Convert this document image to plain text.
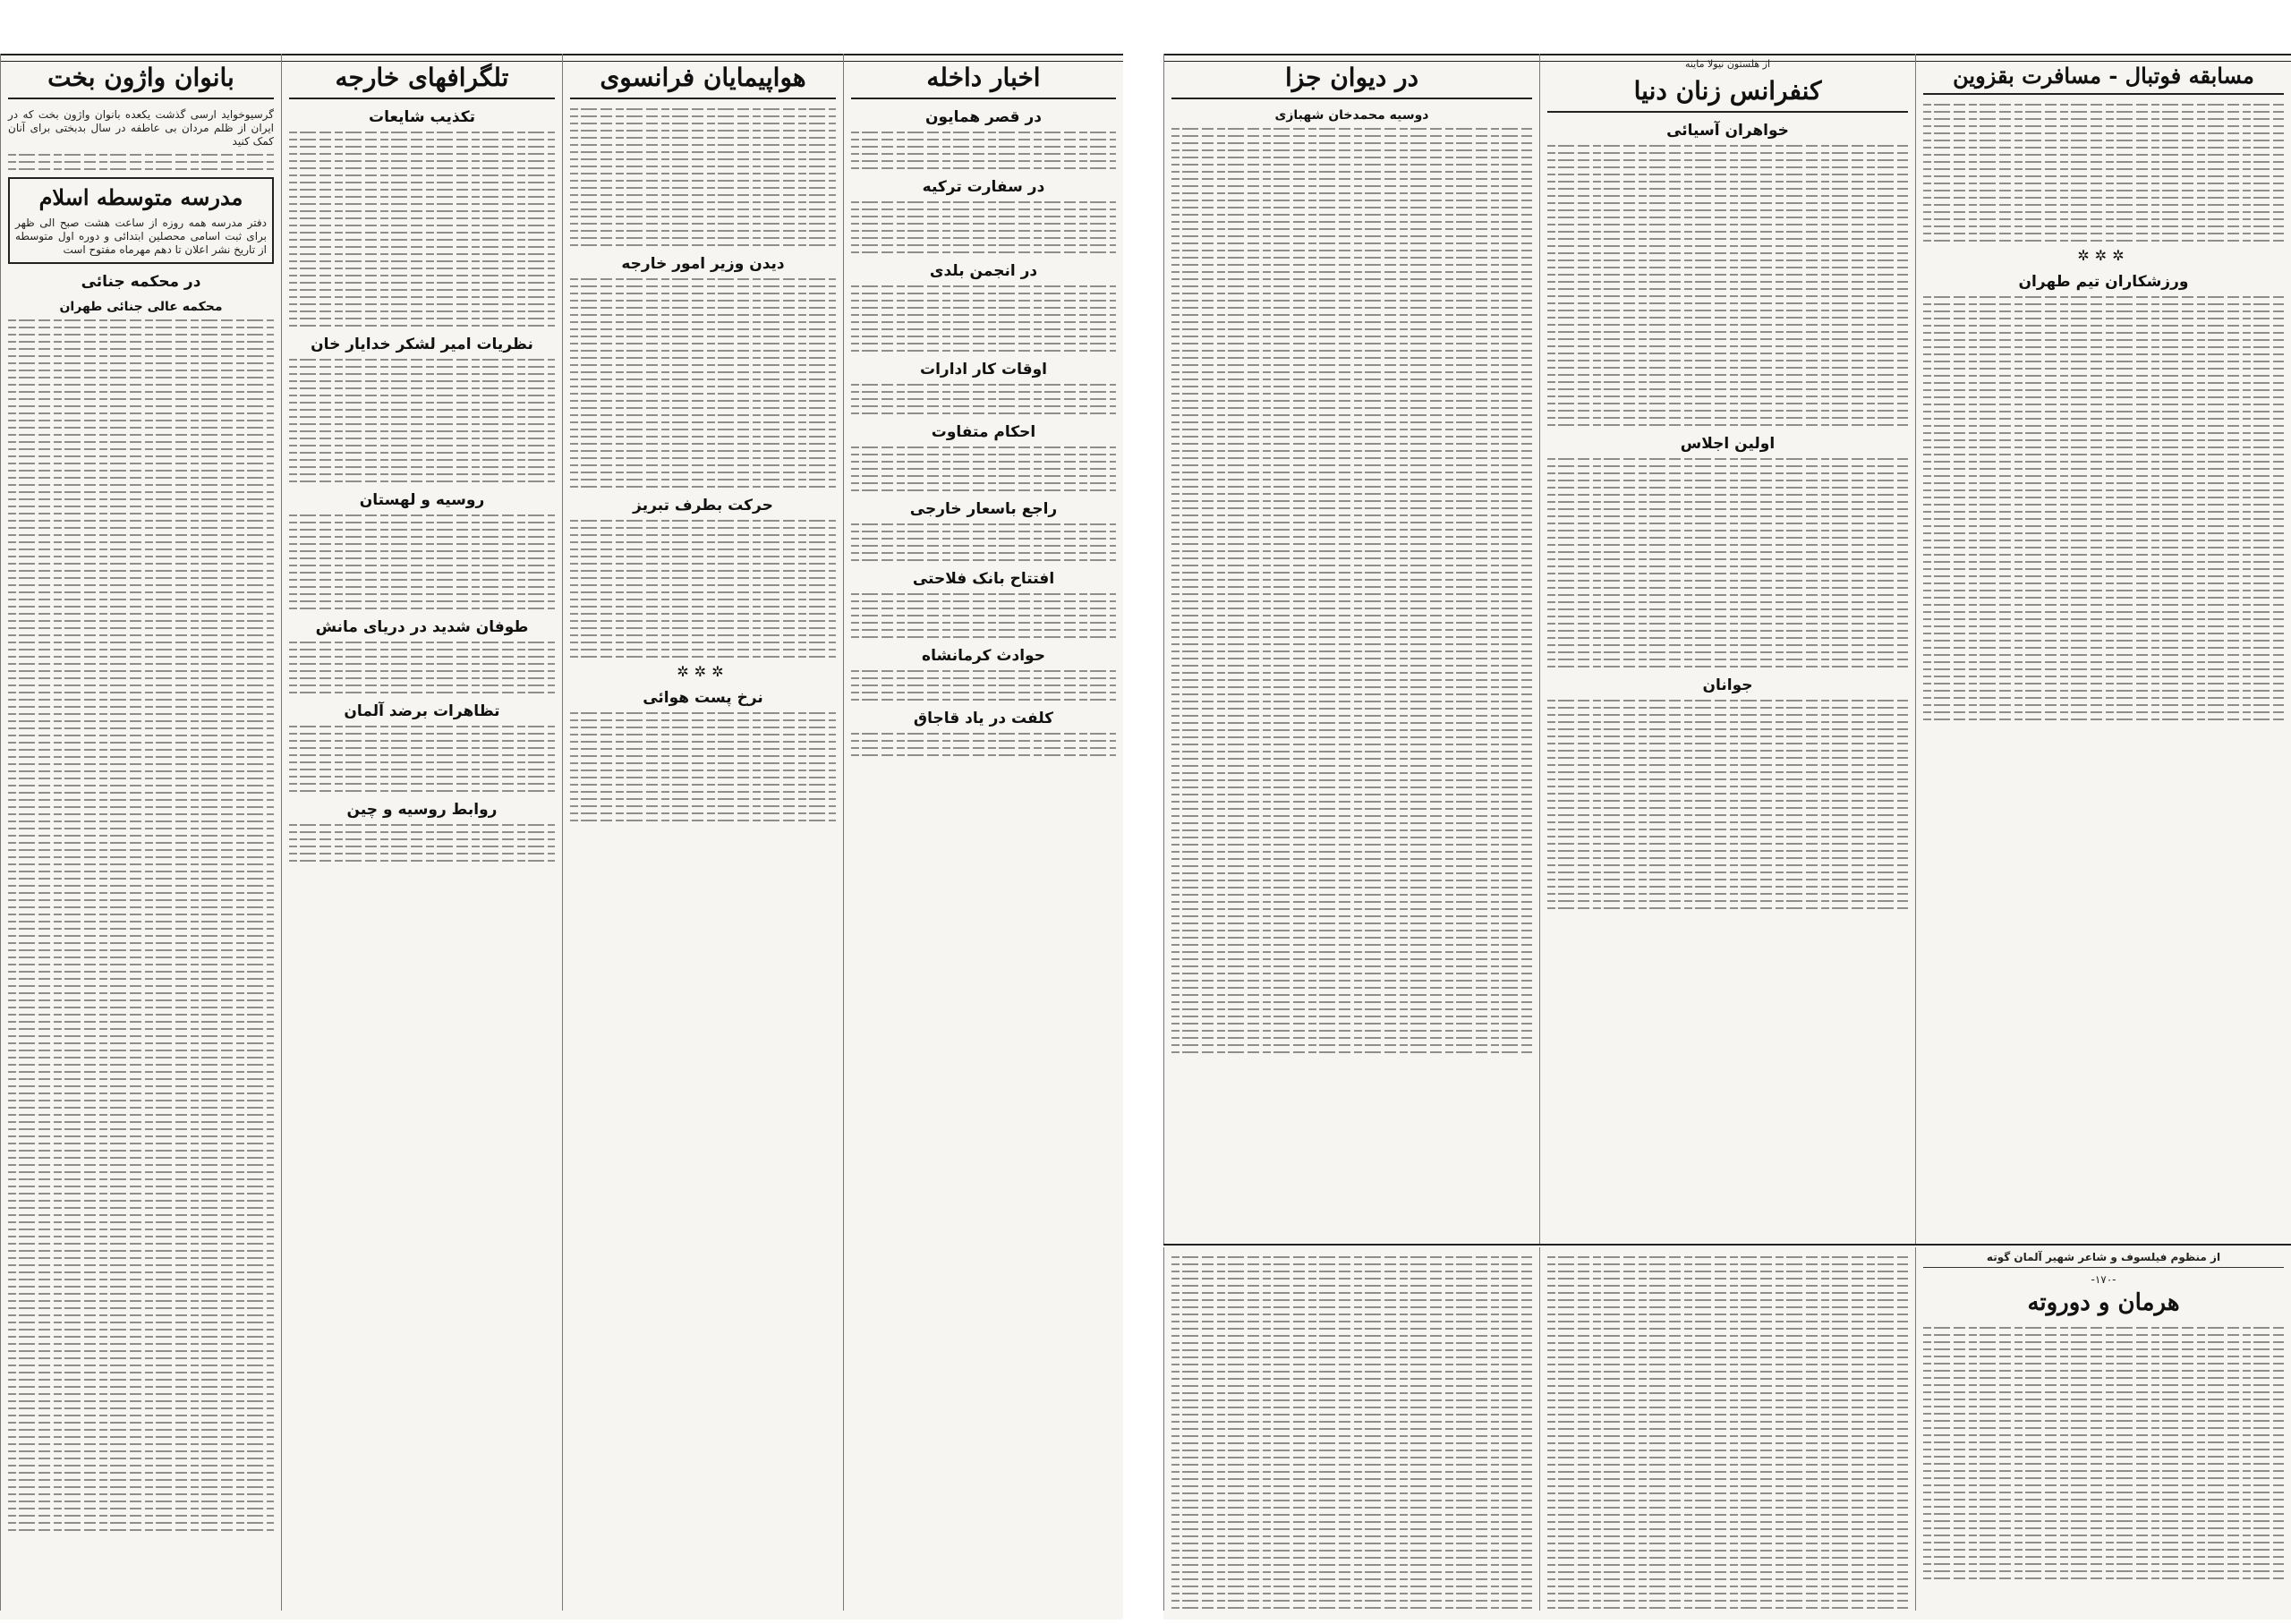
بانوان واژون بخت
گرسیوخواید ارسی گذشت یکعده بانوان واژون بخت که در ایران از ظلم مردان بی عاطفه در سال بدبختی برای آنان کمک کنید
مدرسه متوسطه اسلام
دفتر مدرسه همه روزه از ساعت هشت صبح الی ظهر برای ثبت اسامی محصلین ابتدائی و دوره اول متوسطه از تاریخ نشر اعلان تا دهم مهرماه مفتوح است
در محکمه جنائی
محکمه عالی جنائی طهران
تلگرافهای خارجه
تکذیب شایعات
نظریات امیر لشکر خدایار خان
روسیه و لهستان
طوفان شدید در دریای مانش
تظاهرات برضد آلمان
روابط روسیه و چین
هواپیمایان فرانسوی
دیدن وزیر امور خارجه
حرکت بطرف تبریز
✲✲✲
نرخ پست هوائی
اخبار داخله
در قصر همایون
در سفارت ترکیه
در انجمن بلدی
اوقات کار ادارات
احکام متفاوت
راجع باسعار خارجی
افتتاح بانک فلاحتی
حوادث کرمانشاه
کلفت در یاد قاجاق
در دیوان جزا
دوسیه محمدخان شهبازی
از هلستون نیولا ماینه
کنفرانس زنان دنیا
خواهران آسیائی
اولین اجلاس
جوانان
مسابقه فوتبال - مسافرت بقزوین
✲✲✲
ورزشکاران تیم طهران
از منظوم فیلسوف و شاعر شهیر آلمان گوته
-۱۷۰-
هرمان و دوروته
